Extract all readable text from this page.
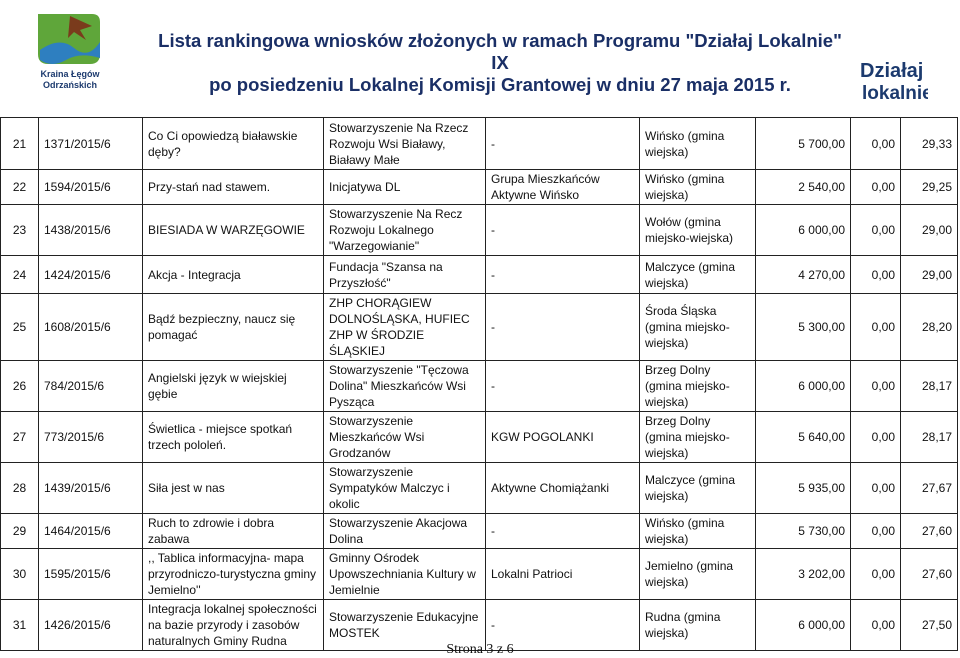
Kraina Łęgów
Odrzańskich
Lista rankingowa wniosków złożonych w ramach Programu "Działaj Lokalnie" IX
po posiedzeniu Lokalnej Komisji Grantowej w dniu 27 maja 2015 r.
Działaj
lokalnie
21	1371/2015/6	Co Ci opowiedzą białawskie dęby?	Stowarzyszenie Na Rzecz Rozwoju Wsi Białawy, Białawy Małe	-	Wińsko (gmina wiejska)	5 700,00	0,00	29,33
22	1594/2015/6	Przy-stań nad stawem.	Inicjatywa DL	Grupa Mieszkańców Aktywne Wińsko	Wińsko (gmina wiejska)	2 540,00	0,00	29,25
23	1438/2015/6	BIESIADA W WARZĘGOWIE	Stowarzyszenie Na Recz Rozwoju Lokalnego "Warzegowianie"	-	Wołów (gmina miejsko-wiejska)	6 000,00	0,00	29,00
24	1424/2015/6	Akcja - Integracja	Fundacja "Szansa na Przyszłość"	-	Malczyce (gmina wiejska)	4 270,00	0,00	29,00
25	1608/2015/6	Bądź bezpieczny, naucz się pomagać	ZHP CHORĄGIEW DOLNOŚLĄSKA, HUFIEC ZHP W ŚRODZIE ŚLĄSKIEJ	-	Środa Śląska (gmina miejsko-wiejska)	5 300,00	0,00	28,20
26	784/2015/6	Angielski język w wiejskiej gębie	Stowarzyszenie "Tęczowa Dolina" Mieszkańców Wsi Pysząca	-	Brzeg Dolny (gmina miejsko-wiejska)	6 000,00	0,00	28,17
27	773/2015/6	Świetlica - miejsce spotkań trzech pololeń.	Stowarzyszenie Mieszkańców Wsi Grodzanów	KGW POGOLANKI	Brzeg Dolny (gmina miejsko-wiejska)	5 640,00	0,00	28,17
28	1439/2015/6	Siła jest w nas	Stowarzyszenie Sympatyków Malczyc i okolic	Aktywne Chomiążanki	Malczyce (gmina wiejska)	5 935,00	0,00	27,67
29	1464/2015/6	Ruch to zdrowie i dobra zabawa	Stowarzyszenie Akacjowa Dolina	-	Wińsko (gmina wiejska)	5 730,00	0,00	27,60
30	1595/2015/6	,, Tablica informacyjna- mapa przyrodniczo-turystyczna gminy Jemielno''	Gminny Ośrodek Upowszechniania Kultury w Jemielnie	Lokalni Patrioci	Jemielno (gmina wiejska)	3 202,00	0,00	27,60
31	1426/2015/6	Integracja lokalnej społeczności na bazie przyrody i zasobów naturalnych Gminy Rudna	Stowarzyszenie Edukacyjne MOSTEK	-	Rudna (gmina wiejska)	6 000,00	0,00	27,50
Strona 3 z 6
